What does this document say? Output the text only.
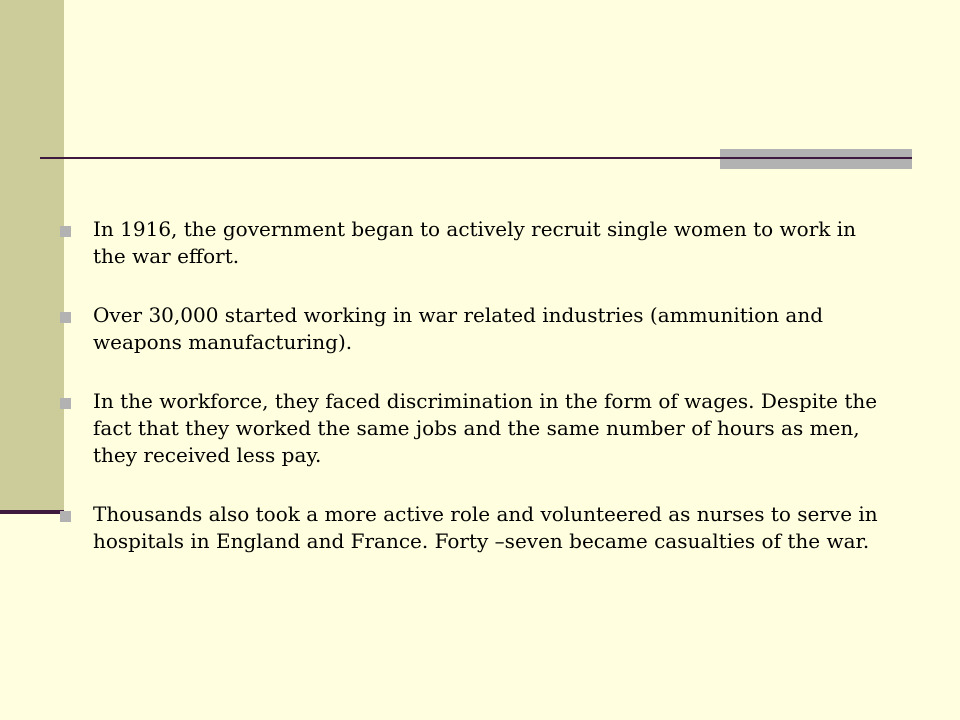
In 1916, the government began to actively recruit single women to work in the war effort.
Over 30,000 started working in war related industries (ammunition and weapons manufacturing).
In the workforce, they faced discrimination in the form of wages. Despite the fact that they worked the same jobs and the same number of hours as men, they received less pay.
Thousands also took a more active role and volunteered as nurses to serve in hospitals in England and France. Forty –seven became casualties of the war.
